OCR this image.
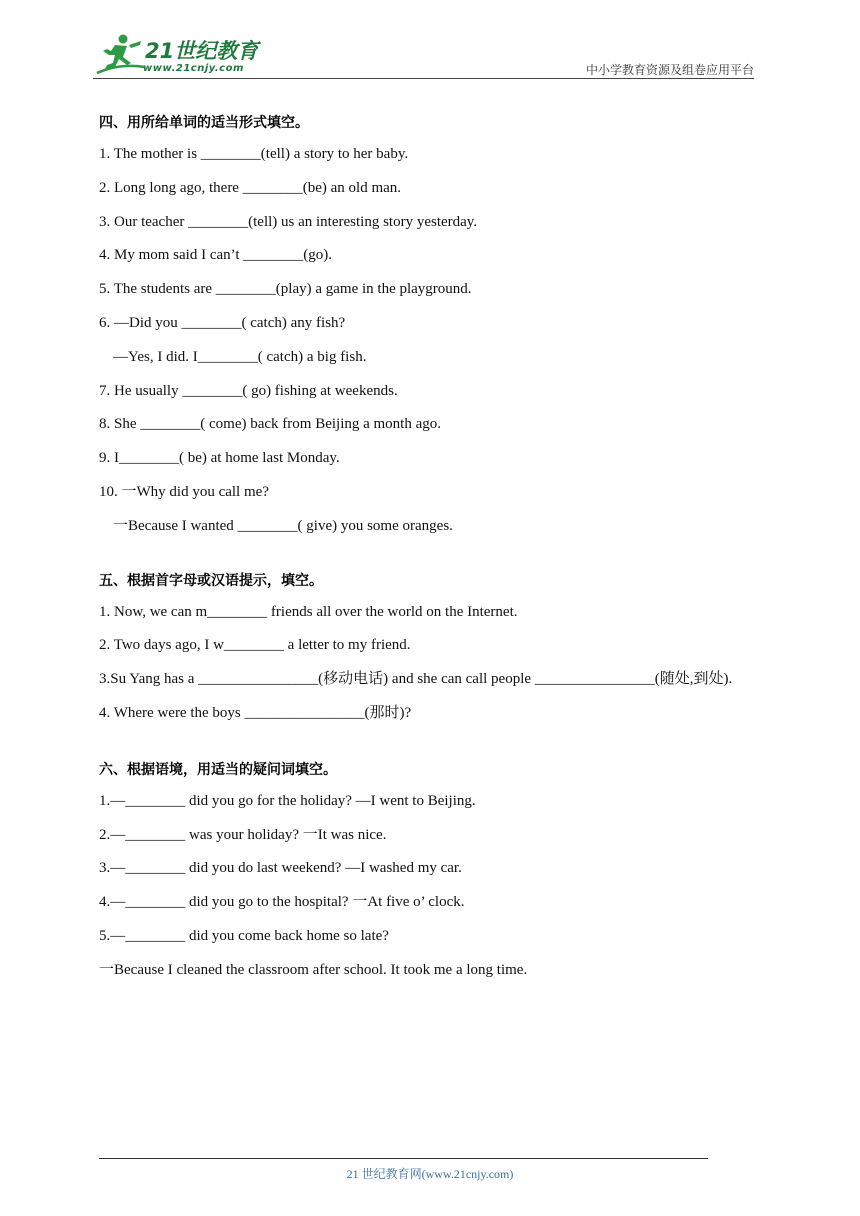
21世纪教育
www.21cnjy.com	中小学教育资源及组卷应用平台
四、用所给单词的适当形式填空。
1. The mother is ________(tell) a story to her baby.
2. Long long ago, there ________(be) an old man.
3. Our teacher ________(tell) us an interesting story yesterday.
4. My mom said I can’t ________(go).
5. The students are ________(play) a game in the playground.
6. —Did you ________( catch) any fish?
—Yes, I did. I________( catch) a big fish.
7. He usually ________( go) fishing at weekends.
8. She ________( come) back from Beijing a month ago.
9. I________( be) at home last Monday.
10. 一Why did you call me?
一Because I wanted ________( give) you some oranges.
五、根据首字母或汉语提示，填空。
1. Now, we can m________ friends all over the world on the Internet.
2. Two days ago, I w________ a letter to my friend.
3.Su Yang has a ________________(移动电话) and she can call people ________________(随处,到处).
4. Where were the boys ________________(那时)?
六、根据语境，用适当的疑问词填空。
1.—________ did you go for the holiday? —I went to Beijing.
2.—________ was your holiday? 一It was nice.
3.—________ did you do last weekend? —I washed my car.
4.—________ did you go to the hospital? 一At five o’ clock.
5.—________ did you come back home so late?
一Because I cleaned the classroom after school. It took me a long time.
21 世纪教育网(www.21cnjy.com)
